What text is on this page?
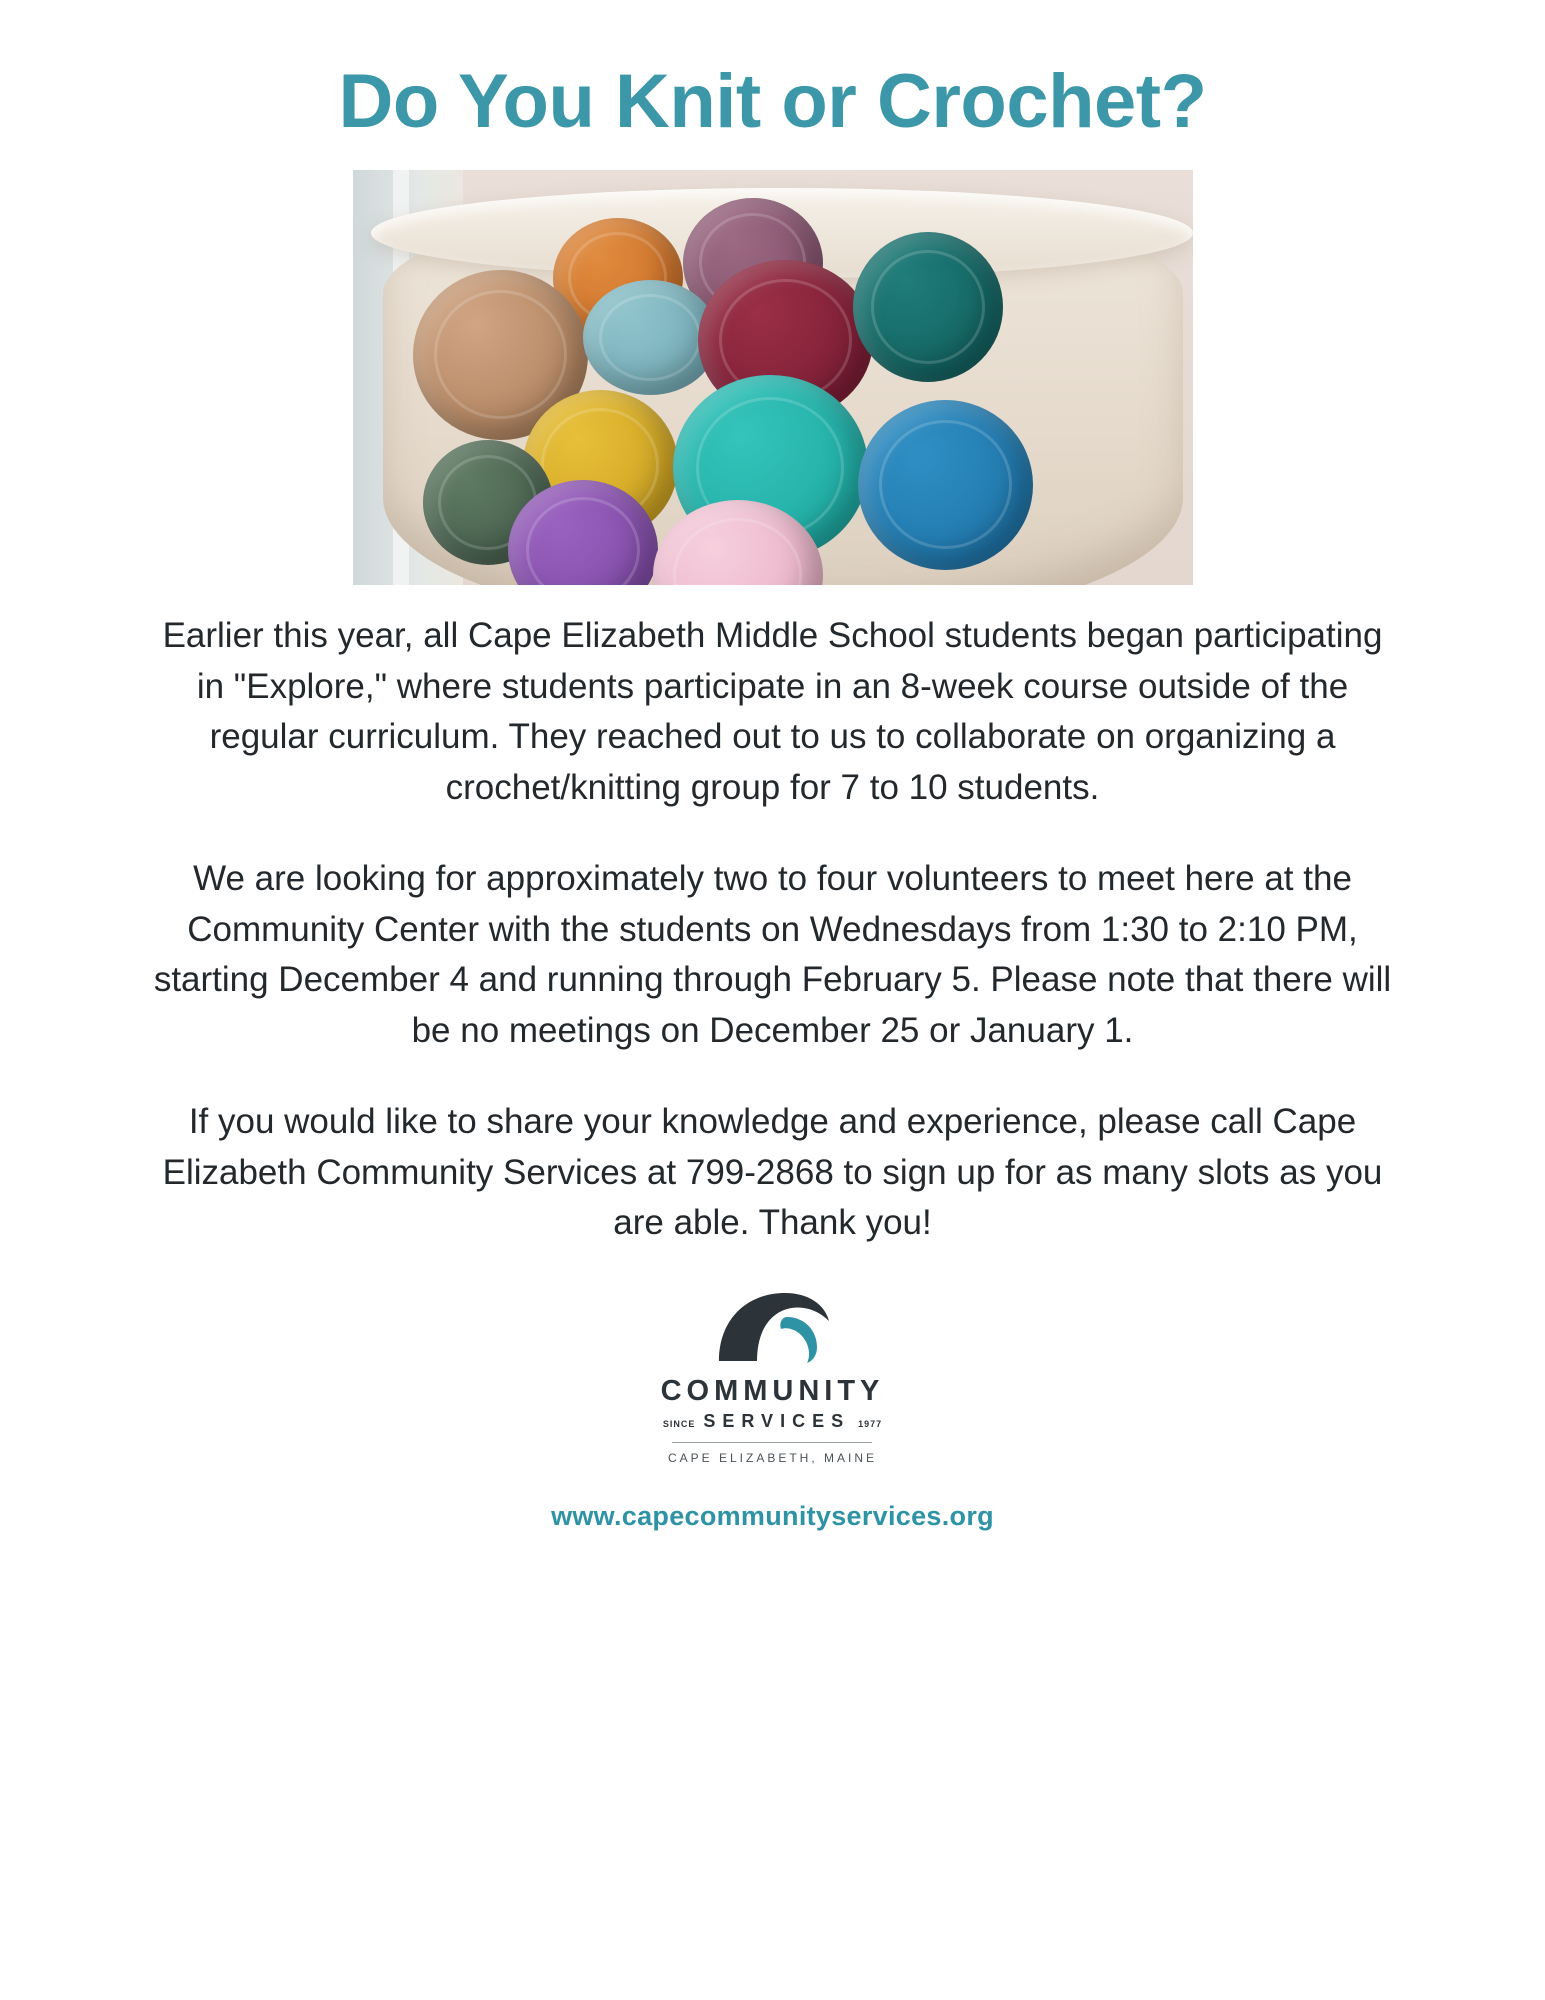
Do You Knit or Crochet?

Earlier this year, all Cape Elizabeth Middle School students began participating in "Explore," where students participate in an 8-week course outside of the regular curriculum. They reached out to us to collaborate on organizing a crochet/knitting group for 7 to 10 students.

We are looking for approximately two to four volunteers to meet here at the Community Center with the students on Wednesdays from 1:30 to 2:10 PM, starting December 4 and running through February 5. Please note that there will be no meetings on December 25 or January 1.

If you would like to share your knowledge and experience, please call Cape Elizabeth Community Services at 799-2868 to sign up for as many slots as you are able. Thank you!

COMMUNITY
SINCE SERVICES 1977
CAPE ELIZABETH, MAINE
www.capecommunityservices.org
